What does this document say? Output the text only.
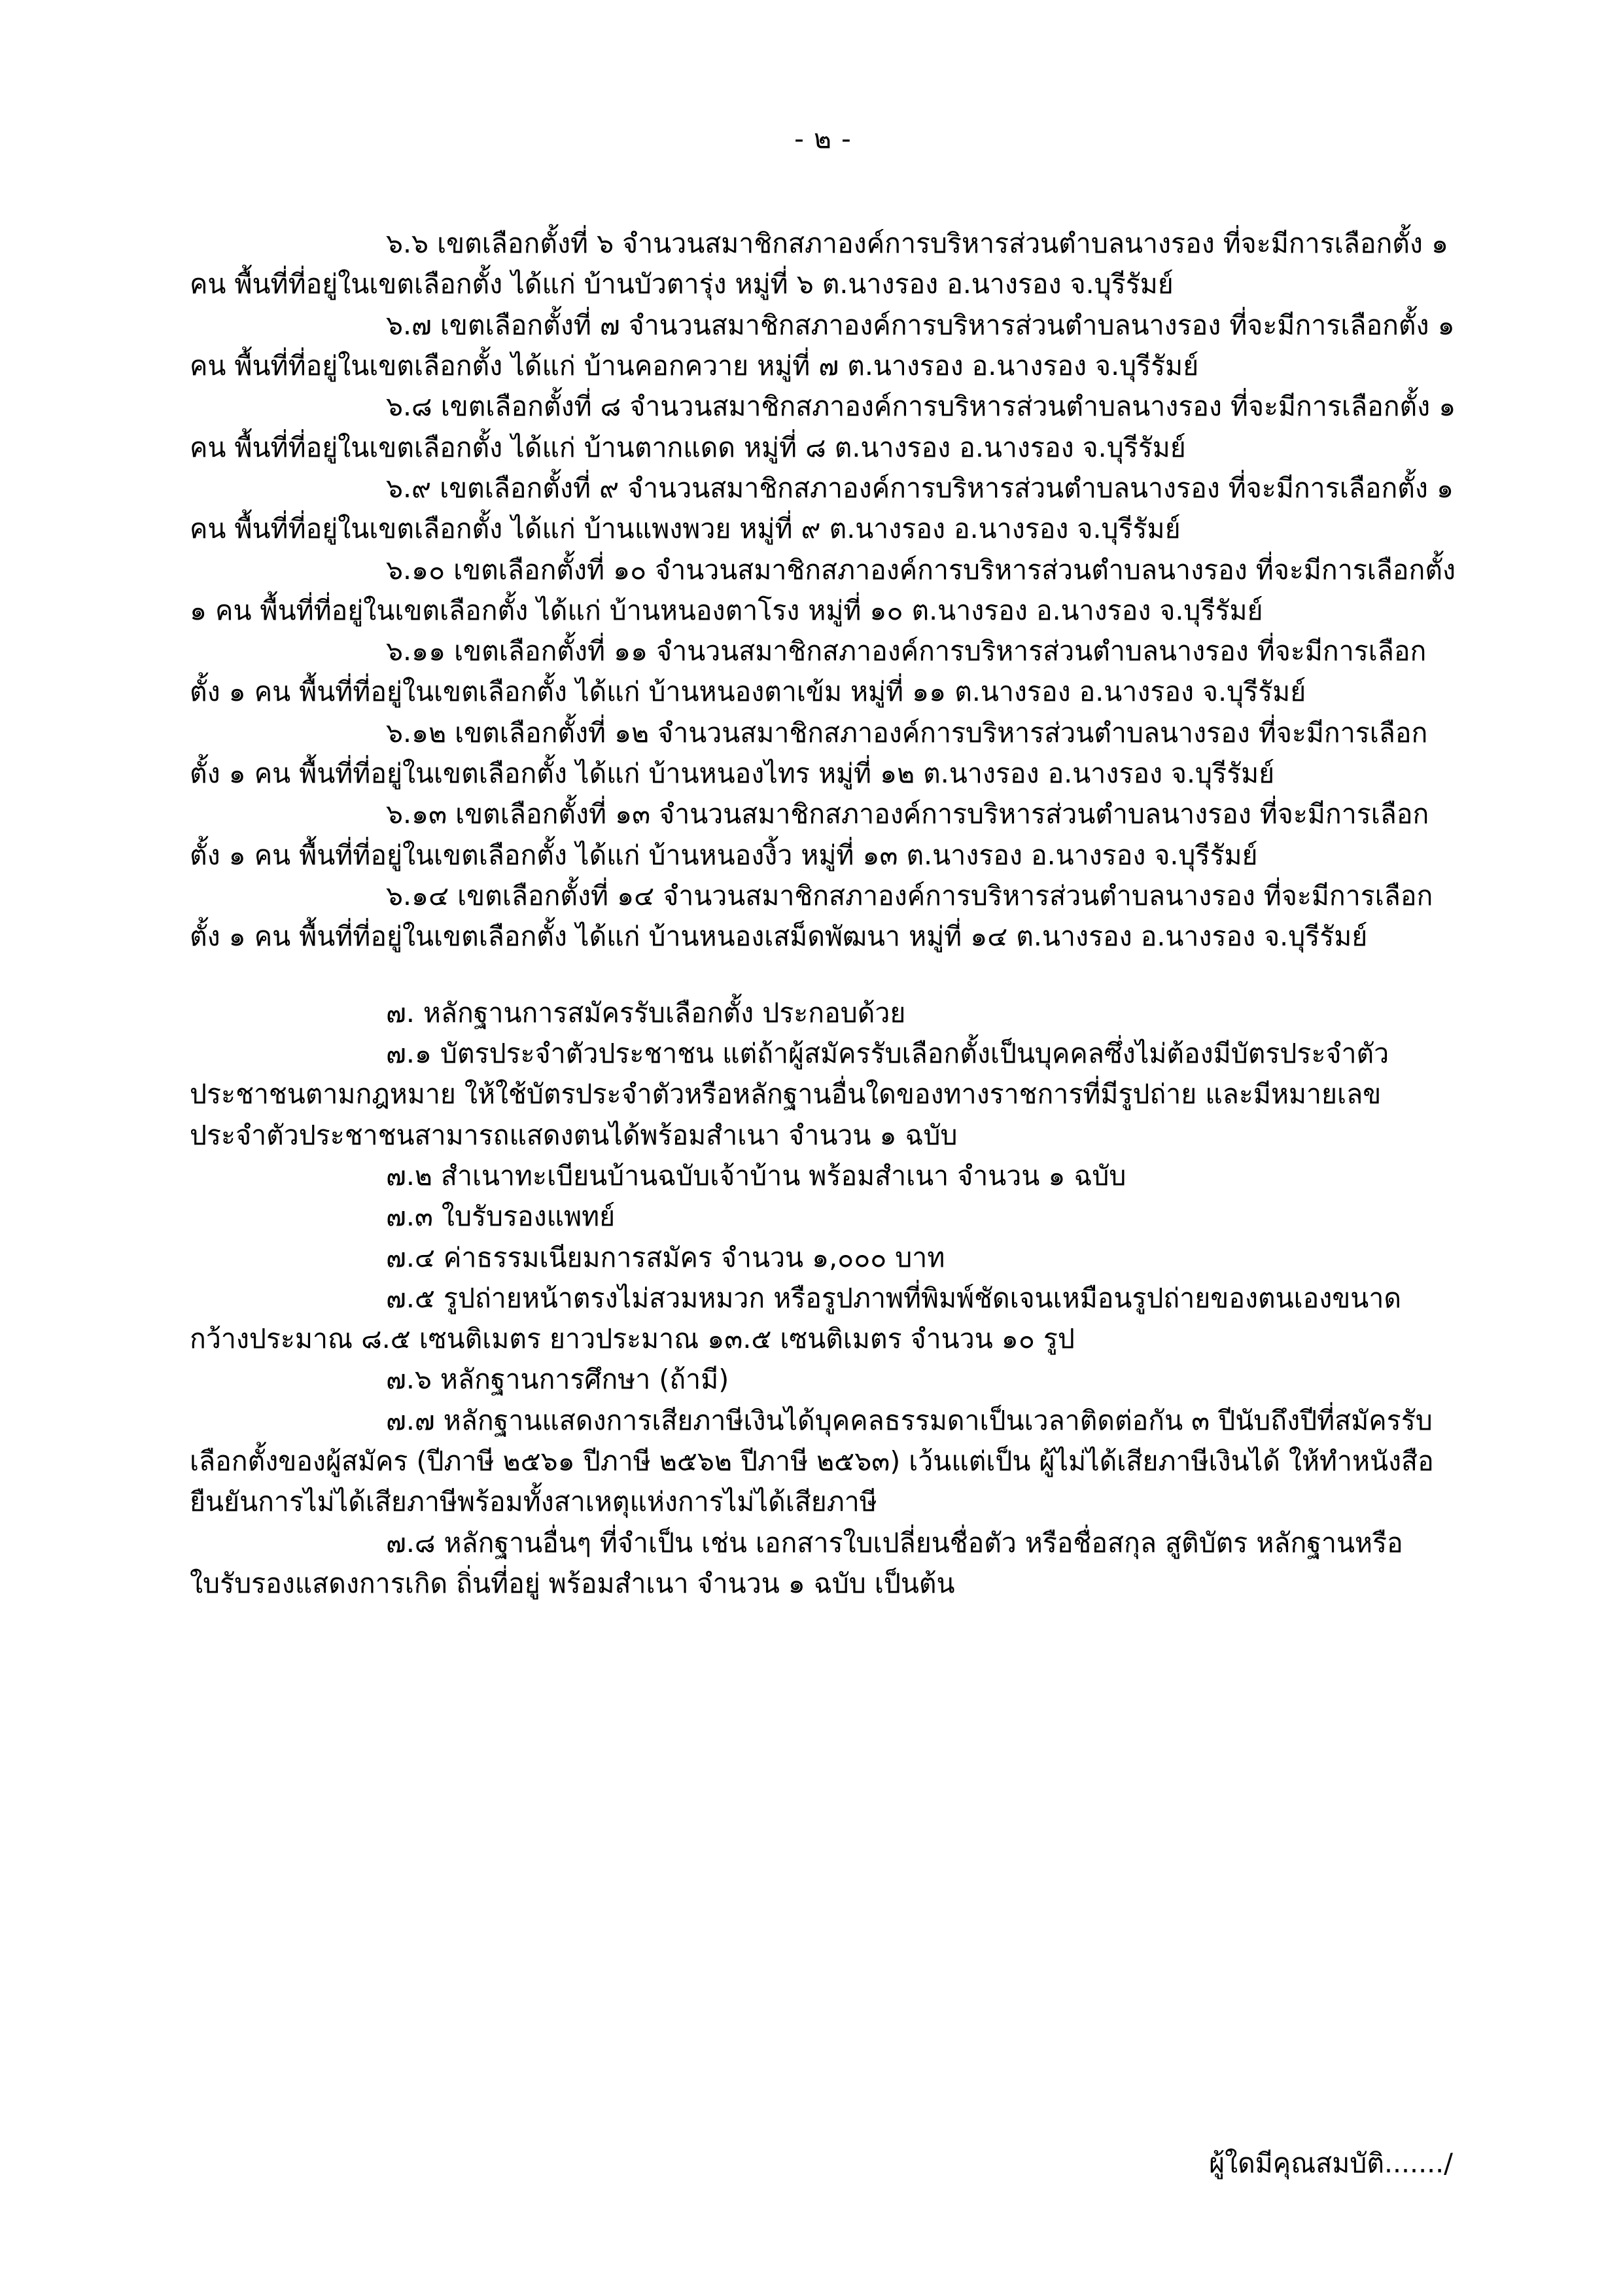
- ๒ -

๖.๖ เขตเลือกตั้งที่ ๖ จำนวนสมาชิกสภาองค์การบริหารส่วนตำบลนางรอง ที่จะมีการเลือกตั้ง ๑ คน พื้นที่ที่อยู่ในเขตเลือกตั้ง ได้แก่ บ้านบัวตารุ่ง หมู่ที่ ๖ ต.นางรอง อ.นางรอง จ.บุรีรัมย์

๖.๗ เขตเลือกตั้งที่ ๗ จำนวนสมาชิกสภาองค์การบริหารส่วนตำบลนางรอง ที่จะมีการเลือกตั้ง ๑ คน พื้นที่ที่อยู่ในเขตเลือกตั้ง ได้แก่ บ้านคอกควาย หมู่ที่ ๗ ต.นางรอง อ.นางรอง จ.บุรีรัมย์

๖.๘ เขตเลือกตั้งที่ ๘ จำนวนสมาชิกสภาองค์การบริหารส่วนตำบลนางรอง ที่จะมีการเลือกตั้ง ๑ คน พื้นที่ที่อยู่ในเขตเลือกตั้ง ได้แก่ บ้านตากแดด หมู่ที่ ๘ ต.นางรอง อ.นางรอง จ.บุรีรัมย์

๖.๙ เขตเลือกตั้งที่ ๙ จำนวนสมาชิกสภาองค์การบริหารส่วนตำบลนางรอง ที่จะมีการเลือกตั้ง ๑ คน พื้นที่ที่อยู่ในเขตเลือกตั้ง ได้แก่ บ้านแพงพวย หมู่ที่ ๙ ต.นางรอง อ.นางรอง จ.บุรีรัมย์

๖.๑๐ เขตเลือกตั้งที่ ๑๐ จำนวนสมาชิกสภาองค์การบริหารส่วนตำบลนางรอง ที่จะมีการเลือกตั้ง ๑ คน พื้นที่ที่อยู่ในเขตเลือกตั้ง ได้แก่ บ้านหนองตาโรง หมู่ที่ ๑๐ ต.นางรอง อ.นางรอง จ.บุรีรัมย์

๖.๑๑ เขตเลือกตั้งที่ ๑๑ จำนวนสมาชิกสภาองค์การบริหารส่วนตำบลนางรอง ที่จะมีการเลือกตั้ง ๑ คน พื้นที่ที่อยู่ในเขตเลือกตั้ง ได้แก่ บ้านหนองตาเข้ม หมู่ที่ ๑๑ ต.นางรอง อ.นางรอง จ.บุรีรัมย์

๖.๑๒ เขตเลือกตั้งที่ ๑๒ จำนวนสมาชิกสภาองค์การบริหารส่วนตำบลนางรอง ที่จะมีการเลือกตั้ง ๑ คน พื้นที่ที่อยู่ในเขตเลือกตั้ง ได้แก่ บ้านหนองไทร หมู่ที่ ๑๒ ต.นางรอง อ.นางรอง จ.บุรีรัมย์

๖.๑๓ เขตเลือกตั้งที่ ๑๓ จำนวนสมาชิกสภาองค์การบริหารส่วนตำบลนางรอง ที่จะมีการเลือกตั้ง ๑ คน พื้นที่ที่อยู่ในเขตเลือกตั้ง ได้แก่ บ้านหนองงิ้ว หมู่ที่ ๑๓ ต.นางรอง อ.นางรอง จ.บุรีรัมย์

๖.๑๔ เขตเลือกตั้งที่ ๑๔ จำนวนสมาชิกสภาองค์การบริหารส่วนตำบลนางรอง ที่จะมีการเลือกตั้ง ๑ คน พื้นที่ที่อยู่ในเขตเลือกตั้ง ได้แก่ บ้านหนองเสม็ดพัฒนา หมู่ที่ ๑๔ ต.นางรอง อ.นางรอง จ.บุรีรัมย์

๗. หลักฐานการสมัครรับเลือกตั้ง ประกอบด้วย

๗.๑ บัตรประจำตัวประชาชน แต่ถ้าผู้สมัครรับเลือกตั้งเป็นบุคคลซึ่งไม่ต้องมีบัตรประจำตัวประชาชนตามกฎหมาย ให้ใช้บัตรประจำตัวหรือหลักฐานอื่นใดของทางราชการที่มีรูปถ่าย และมีหมายเลขประจำตัวประชาชนสามารถแสดงตนได้พร้อมสำเนา จำนวน ๑ ฉบับ

๗.๒ สำเนาทะเบียนบ้านฉบับเจ้าบ้าน พร้อมสำเนา จำนวน ๑ ฉบับ

๗.๓ ใบรับรองแพทย์

๗.๔ ค่าธรรมเนียมการสมัคร จำนวน ๑,๐๐๐ บาท

๗.๕ รูปถ่ายหน้าตรงไม่สวมหมวก หรือรูปภาพที่พิมพ์ชัดเจนเหมือนรูปถ่ายของตนเองขนาดกว้างประมาณ ๘.๕ เซนติเมตร ยาวประมาณ ๑๓.๕ เซนติเมตร จำนวน ๑๐ รูป

๗.๖ หลักฐานการศึกษา (ถ้ามี)

๗.๗ หลักฐานแสดงการเสียภาษีเงินได้บุคคลธรรมดาเป็นเวลาติดต่อกัน ๓ ปีนับถึงปีที่สมัครรับเลือกตั้งของผู้สมัคร (ปีภาษี ๒๕๖๑ ปีภาษี ๒๕๖๒ ปีภาษี ๒๕๖๓) เว้นแต่เป็น ผู้ไม่ได้เสียภาษีเงินได้ ให้ทำหนังสือยืนยันการไม่ได้เสียภาษีพร้อมทั้งสาเหตุแห่งการไม่ได้เสียภาษี

๗.๘ หลักฐานอื่นๆ ที่จำเป็น เช่น เอกสารใบเปลี่ยนชื่อตัว หรือชื่อสกุล สูติบัตร หลักฐานหรือใบรับรองแสดงการเกิด ถิ่นที่อยู่ พร้อมสำเนา จำนวน ๑ ฉบับ เป็นต้น

ผู้ใดมีคุณสมบัติ......./
